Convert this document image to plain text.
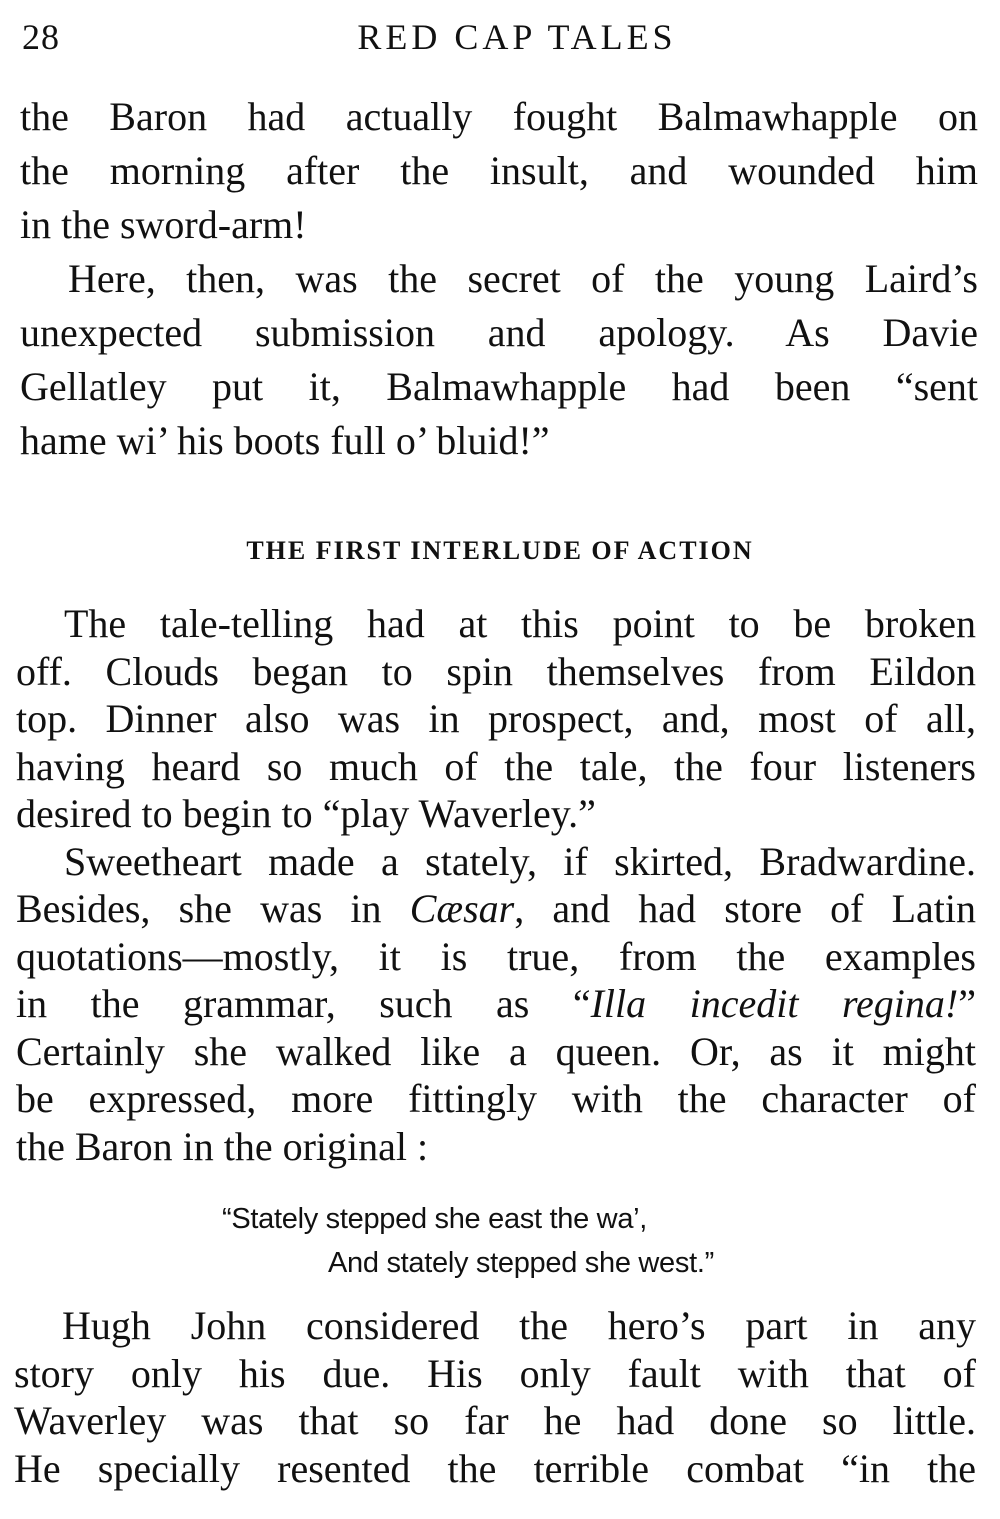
28	RED CAP TALES

the Baron had actually fought Balmawhapple on
the morning after the insult, and wounded him
in the sword-arm!

Here, then, was the secret of the young Laird’s
unexpected submission and apology. As Davie
Gellatley put it, Balmawhapple had been “sent
hame wi’ his boots full o’ bluid!”

THE FIRST INTERLUDE OF ACTION

The tale-telling had at this point to be broken
off. Clouds began to spin themselves from Eildon
top. Dinner also was in prospect, and, most of all,
having heard so much of the tale, the four listeners
desired to begin to “play Waverley.”

Sweetheart made a stately, if skirted, Bradwardine.
Besides, she was in Cæsar, and had store of Latin
quotations—mostly, it is true, from the examples
in the grammar, such as “Illa incedit regina!”
Certainly she walked like a queen. Or, as it might
be expressed, more fittingly with the character of
the Baron in the original :

“Stately stepped she east the wa’,
And stately stepped she west.”

Hugh John considered the hero’s part in any
story only his due. His only fault with that of
Waverley was that so far he had done so little.
He specially resented the terrible combat “in the
